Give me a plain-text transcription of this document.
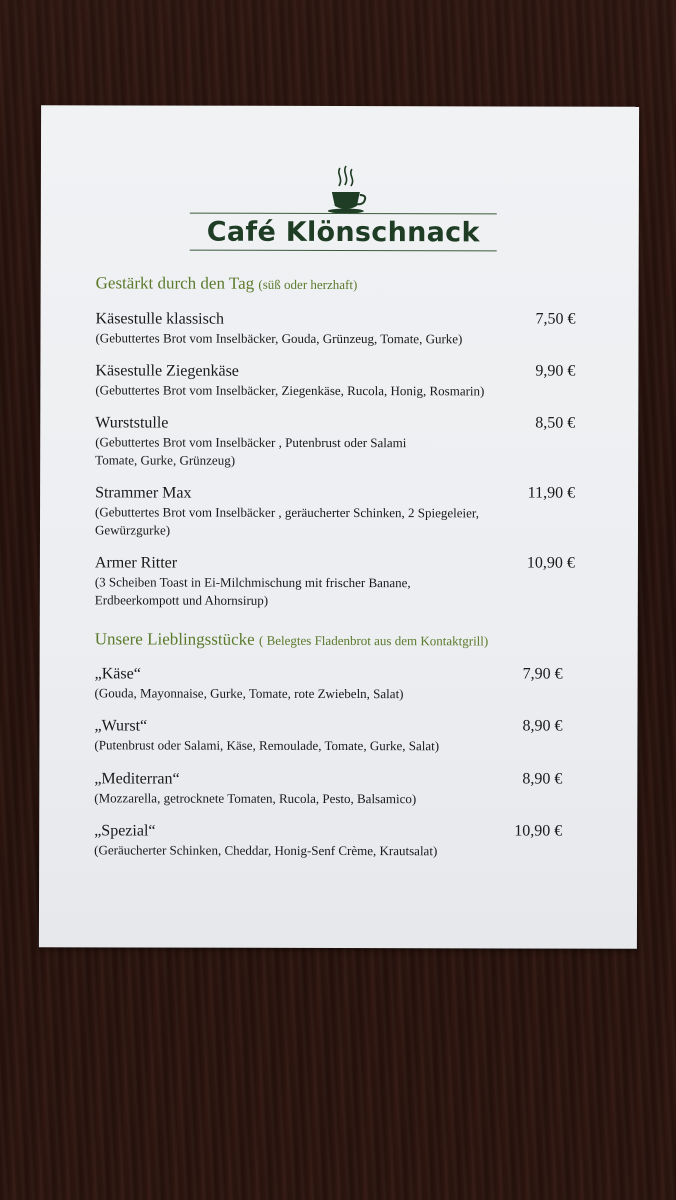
Café Klönschnack
Gestärkt durch den Tag (süß oder herzhaft)
Käsestulle klassisch	7,50 €
(Gebuttertes Brot vom Inselbäcker, Gouda, Grünzeug, Tomate, Gurke)
Käsestulle Ziegenkäse	9,90 €
(Gebuttertes Brot vom Inselbäcker, Ziegenkäse, Rucola, Honig, Rosmarin)
Wurststulle	8,50 €
(Gebuttertes Brot vom Inselbäcker , Putenbrust oder Salami
Tomate, Gurke, Grünzeug)
Strammer Max	11,90 €
(Gebuttertes Brot vom Inselbäcker , geräucherter Schinken, 2 Spiegeleier,
Gewürzgurke)
Armer Ritter	10,90 €
(3 Scheiben Toast in Ei-Milchmischung mit frischer Banane,
Erdbeerkompott und Ahornsirup)
Unsere Lieblingsstücke ( Belegtes Fladenbrot aus dem Kontaktgrill)
„Käse“	7,90 €
(Gouda, Mayonnaise, Gurke, Tomate, rote Zwiebeln, Salat)
„Wurst“	8,90 €
(Putenbrust oder Salami, Käse, Remoulade, Tomate, Gurke, Salat)
„Mediterran“	8,90 €
(Mozzarella, getrocknete Tomaten, Rucola, Pesto, Balsamico)
„Spezial“	10,90 €
(Geräucherter Schinken, Cheddar, Honig-Senf Crème, Krautsalat)
